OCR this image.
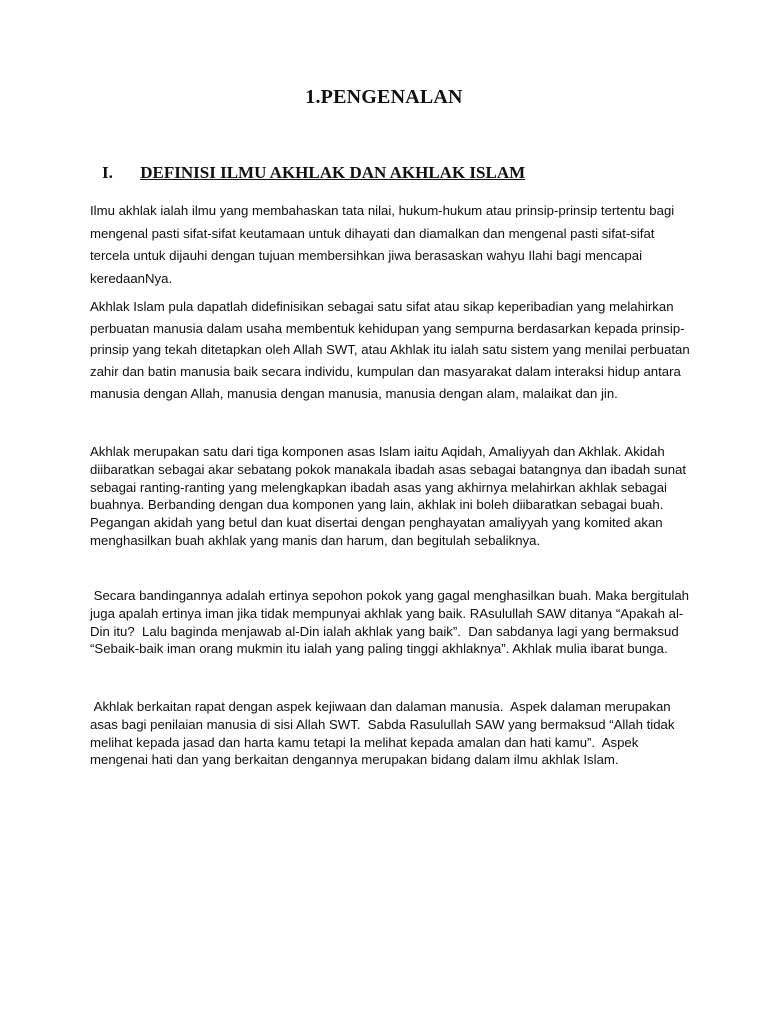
1.PENGENALAN
I. DEFINISI ILMU AKHLAK DAN AKHLAK ISLAM

Ilmu akhlak ialah ilmu yang membahaskan tata nilai, hukum-hukum atau prinsip-prinsip tertentu bagi mengenal pasti sifat-sifat keutamaan untuk dihayati dan diamalkan dan mengenal pasti sifat-sifat tercela untuk dijauhi dengan tujuan membersihkan jiwa berasaskan wahyu Ilahi bagi mencapai keredaanNya.

Akhlak Islam pula dapatlah didefinisikan sebagai satu sifat atau sikap keperibadian yang melahirkan perbuatan manusia dalam usaha membentuk kehidupan yang sempurna berdasarkan kepada prinsip-prinsip yang tekah ditetapkan oleh Allah SWT, atau Akhlak itu ialah satu sistem yang menilai perbuatan zahir dan batin manusia baik secara individu, kumpulan dan masyarakat dalam interaksi hidup antara manusia dengan Allah, manusia dengan manusia, manusia dengan alam, malaikat dan jin.

Akhlak merupakan satu dari tiga komponen asas Islam iaitu Aqidah, Amaliyyah dan Akhlak. Akidah diibaratkan sebagai akar sebatang pokok manakala ibadah asas sebagai batangnya dan ibadah sunat sebagai ranting-ranting yang melengkapkan ibadah asas yang akhirnya melahirkan akhlak sebagai buahnya. Berbanding dengan dua komponen yang lain, akhlak ini boleh diibaratkan sebagai buah. Pegangan akidah yang betul dan kuat disertai dengan penghayatan amaliyyah yang komited akan menghasilkan buah akhlak yang manis dan harum, dan begitulah sebaliknya.

Secara bandingannya adalah ertinya sepohon pokok yang gagal menghasilkan buah. Maka bergitulah juga apalah ertinya iman jika tidak mempunyai akhlak yang baik. RAsulullah SAW ditanya “Apakah al-Din itu?  Lalu baginda menjawab al-Din ialah akhlak yang baik”.  Dan sabdanya lagi yang bermaksud “Sebaik-baik iman orang mukmin itu ialah yang paling tinggi akhlaknya”. Akhlak mulia ibarat bunga.

Akhlak berkaitan rapat dengan aspek kejiwaan dan dalaman manusia.  Aspek dalaman merupakan asas bagi penilaian manusia di sisi Allah SWT.  Sabda Rasulullah SAW yang bermaksud “Allah tidak melihat kepada jasad dan harta kamu tetapi Ia melihat kepada amalan dan hati kamu”.  Aspek mengenai hati dan yang berkaitan dengannya merupakan bidang dalam ilmu akhlak Islam.
